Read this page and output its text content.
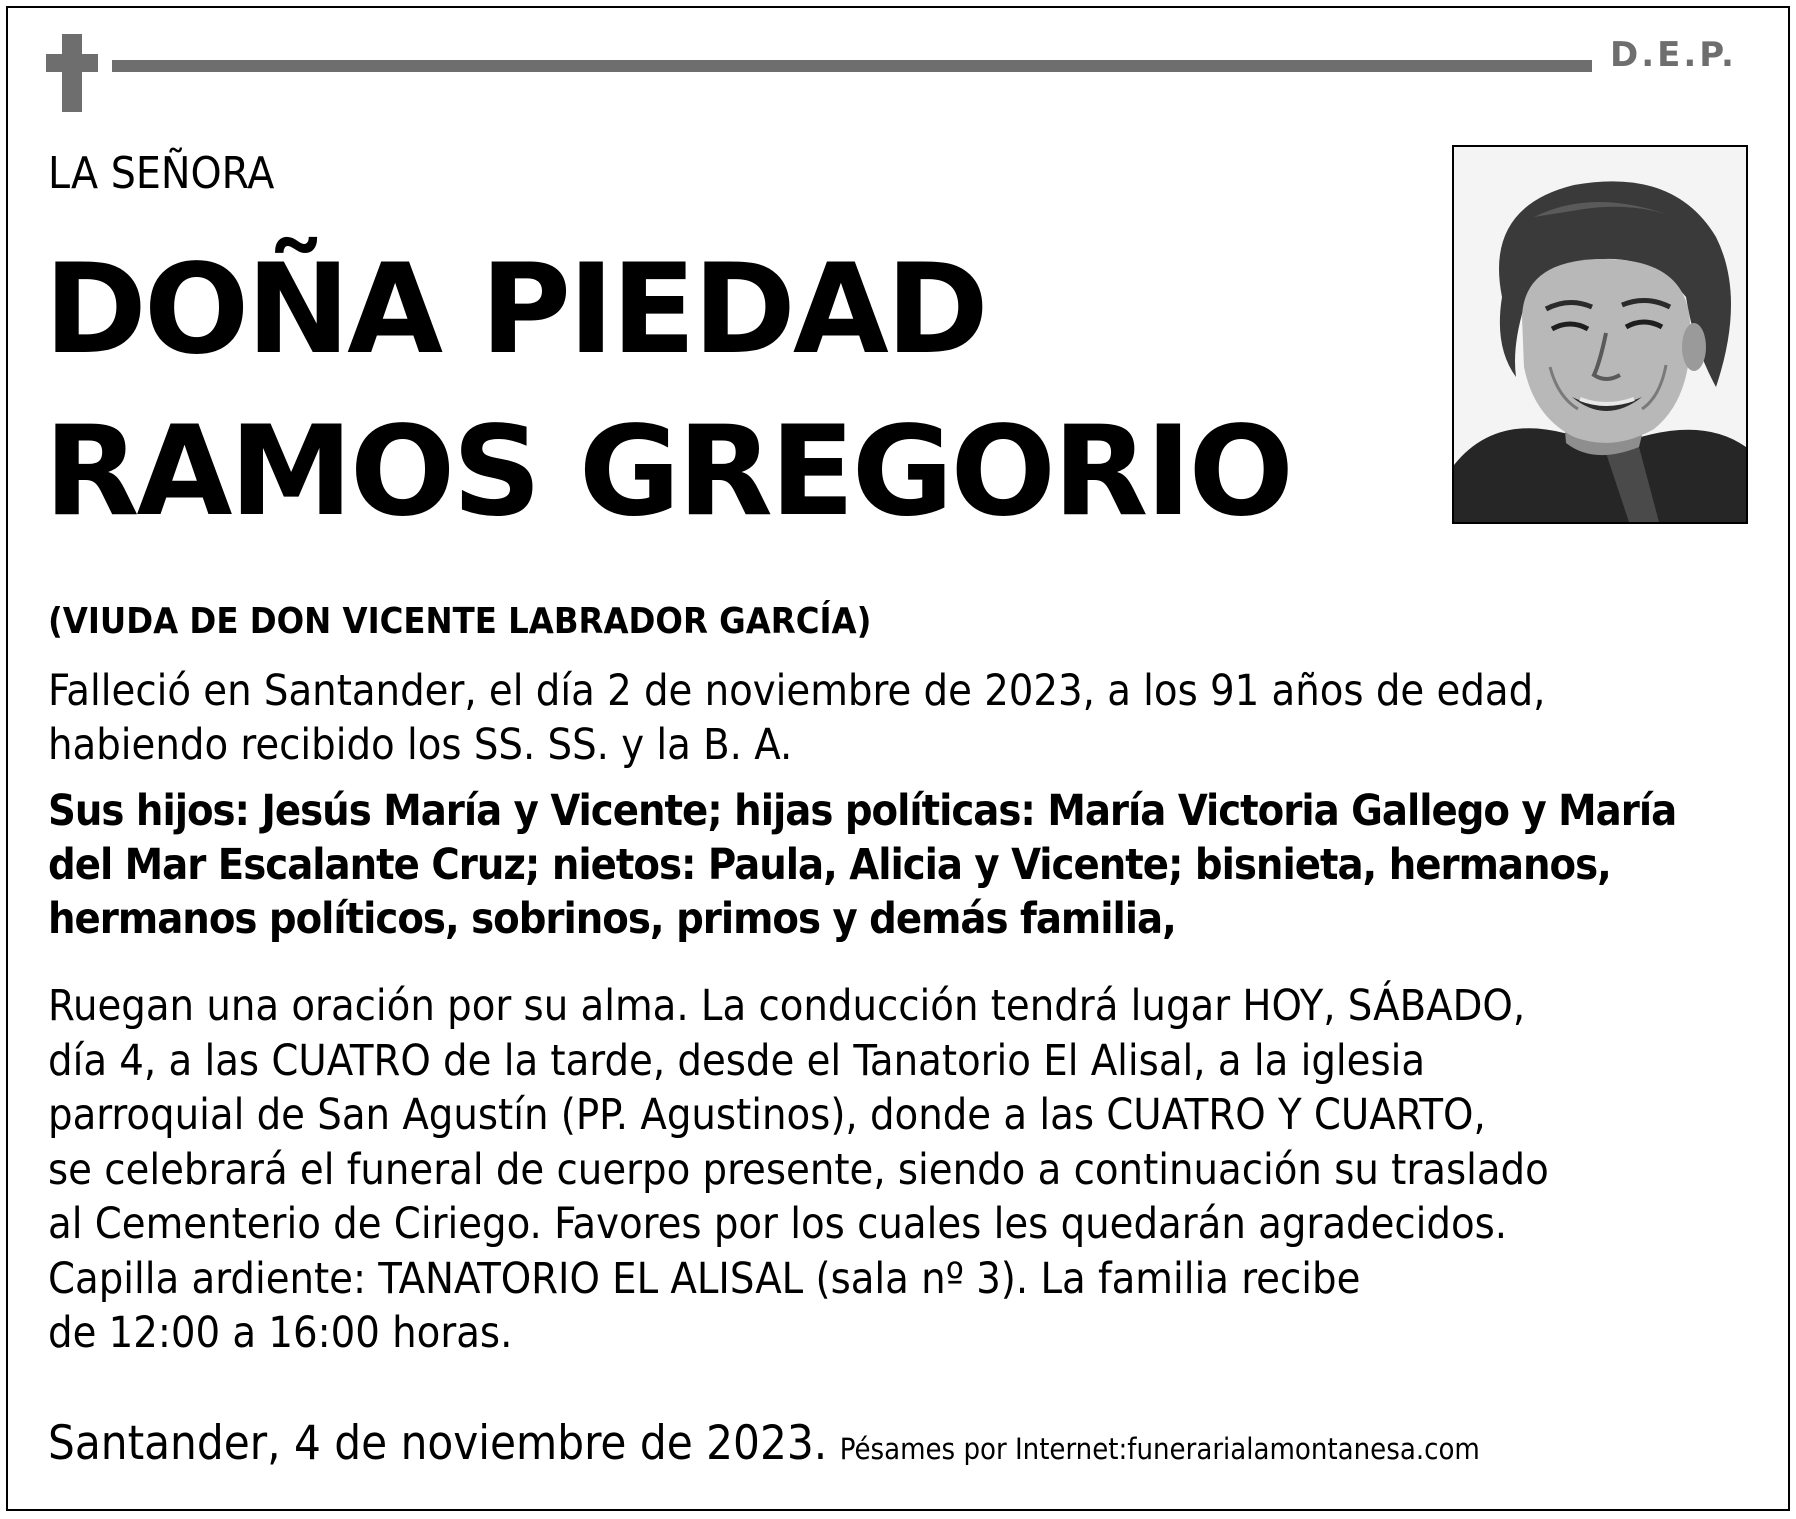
D.E.P.
LA SEÑORA
DOÑA PIEDAD
RAMOS GREGORIO
(VIUDA DE DON VICENTE LABRADOR GARCÍA)
Falleció en Santander, el día 2 de noviembre de 2023, a los 91 años de edad,
habiendo recibido los SS. SS. y la B. A.
Sus hijos: Jesús María y Vicente; hijas políticas: María Victoria Gallego y María
del Mar Escalante Cruz; nietos: Paula, Alicia y Vicente; bisnieta, hermanos,
hermanos políticos, sobrinos, primos y demás familia,
Ruegan una oración por su alma. La conducción tendrá lugar HOY, SÁBADO,
día 4, a las CUATRO de la tarde, desde el Tanatorio El Alisal, a la iglesia
parroquial de San Agustín (PP. Agustinos), donde a las CUATRO Y CUARTO,
se celebrará el funeral de cuerpo presente, siendo a continuación su traslado
al Cementerio de Ciriego. Favores por los cuales les quedarán agradecidos.
Capilla ardiente: TANATORIO EL ALISAL (sala nº 3). La familia recibe
de 12:00 a 16:00 horas.
Santander, 4 de noviembre de 2023. Pésames por Internet:funerarialamontanesa.com
